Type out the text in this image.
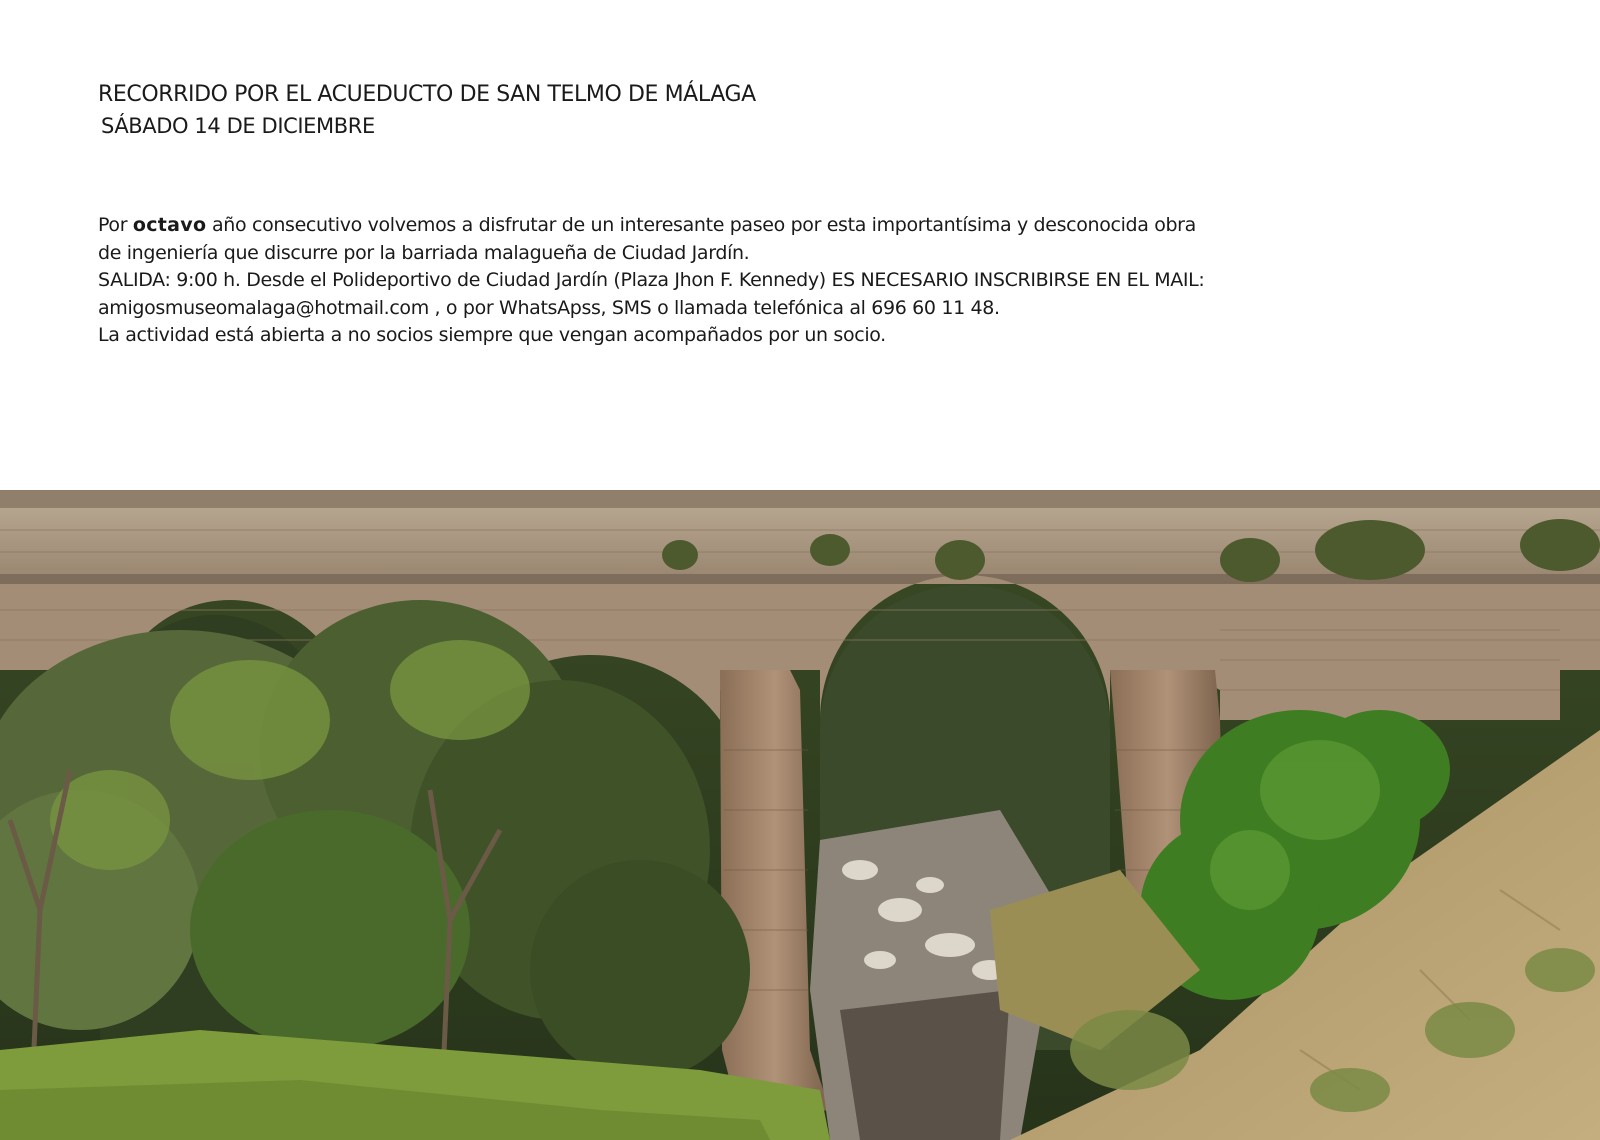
RECORRIDO POR EL ACUEDUCTO DE SAN TELMO DE MÁLAGA
SÁBADO 14 DE DICIEMBRE

Por octavo año consecutivo volvemos a disfrutar de un interesante paseo por esta importantísima y desconocida obra

de ingeniería que discurre por la barriada malagueña de Ciudad Jardín.

SALIDA: 9:00 h. Desde el Polideportivo de Ciudad Jardín (Plaza Jhon F. Kennedy) ES NECESARIO INSCRIBIRSE EN EL MAIL:

amigosmuseomalaga@hotmail.com , o por WhatsApss, SMS o llamada telefónica al 696 60 11 48.

La actividad está abierta a no socios siempre que vengan acompañados por un socio.
